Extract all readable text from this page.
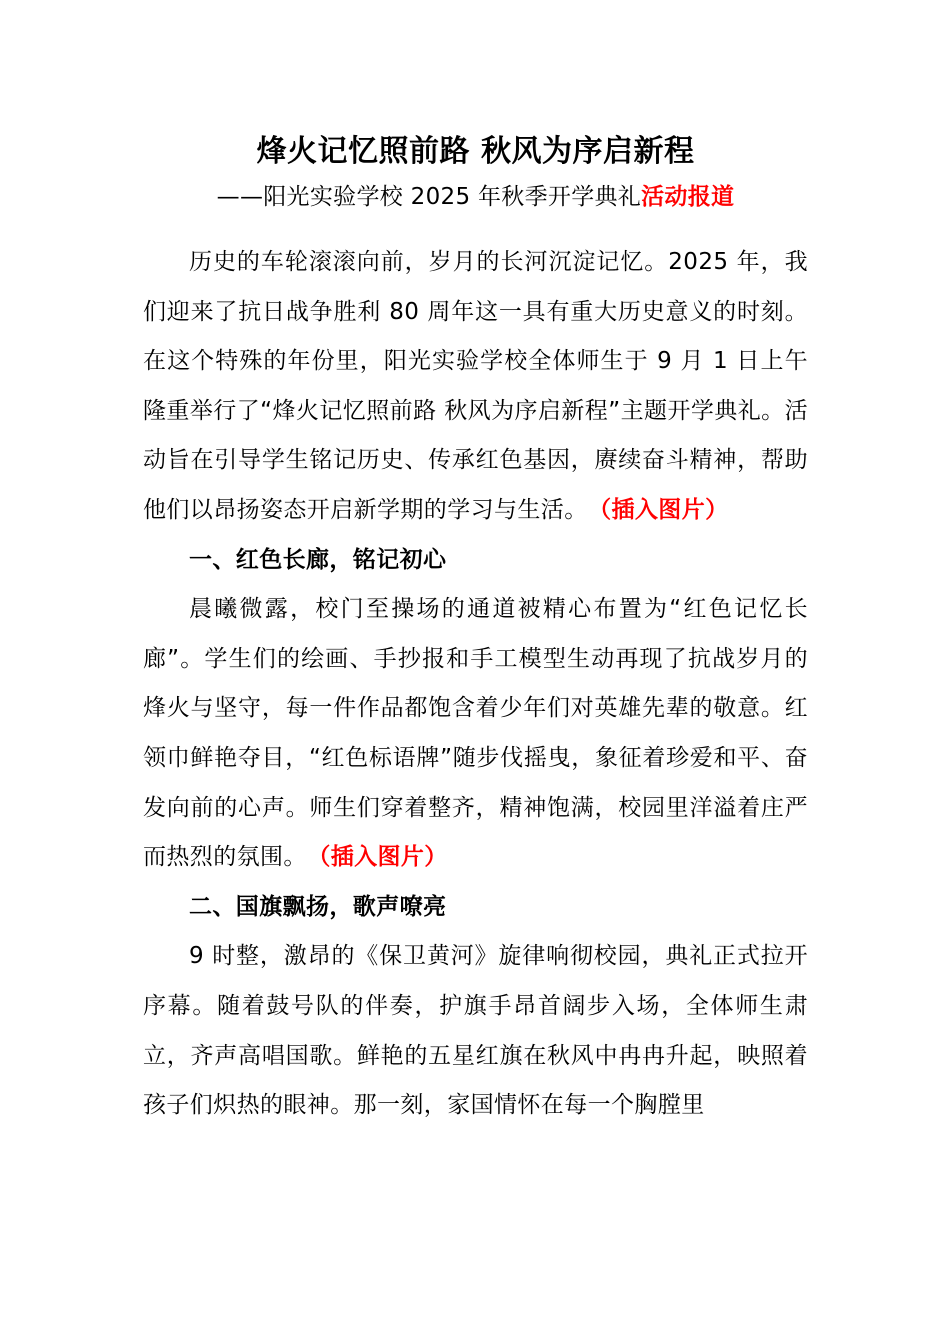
烽火记忆照前路 秋风为序启新程

——阳光实验学校 2025 年秋季开学典礼活动报道

历史的车轮滚滚向前，岁月的长河沉淀记忆。2025 年，我们迎来了抗日战争胜利 80 周年这一具有重大历史意义的时刻。在这个特殊的年份里，阳光实验学校全体师生于 9 月 1 日上午隆重举行了“烽火记忆照前路 秋风为序启新程”主题开学典礼。活动旨在引导学生铭记历史、传承红色基因，赓续奋斗精神，帮助他们以昂扬姿态开启新学期的学习与生活。 （插入图片）

一、红色长廊，铭记初心

晨曦微露，校门至操场的通道被精心布置为“红色记忆长廊”。学生们的绘画、手抄报和手工模型生动再现了抗战岁月的烽火与坚守，每一件作品都饱含着少年们对英雄先辈的敬意。红领巾鲜艳夺目，“红色标语牌”随步伐摇曳，象征着珍爱和平、奋发向前的心声。师生们穿着整齐，精神饱满，校园里洋溢着庄严而热烈的氛围。 （插入图片）

二、国旗飘扬，歌声嘹亮

9 时整，激昂的《保卫黄河》旋律响彻校园，典礼正式拉开序幕。随着鼓号队的伴奏，护旗手昂首阔步入场，全体师生肃立，齐声高唱国歌。鲜艳的五星红旗在秋风中冉冉升起，映照着孩子们炽热的眼神。那一刻，家国情怀在每一个胸膛里
